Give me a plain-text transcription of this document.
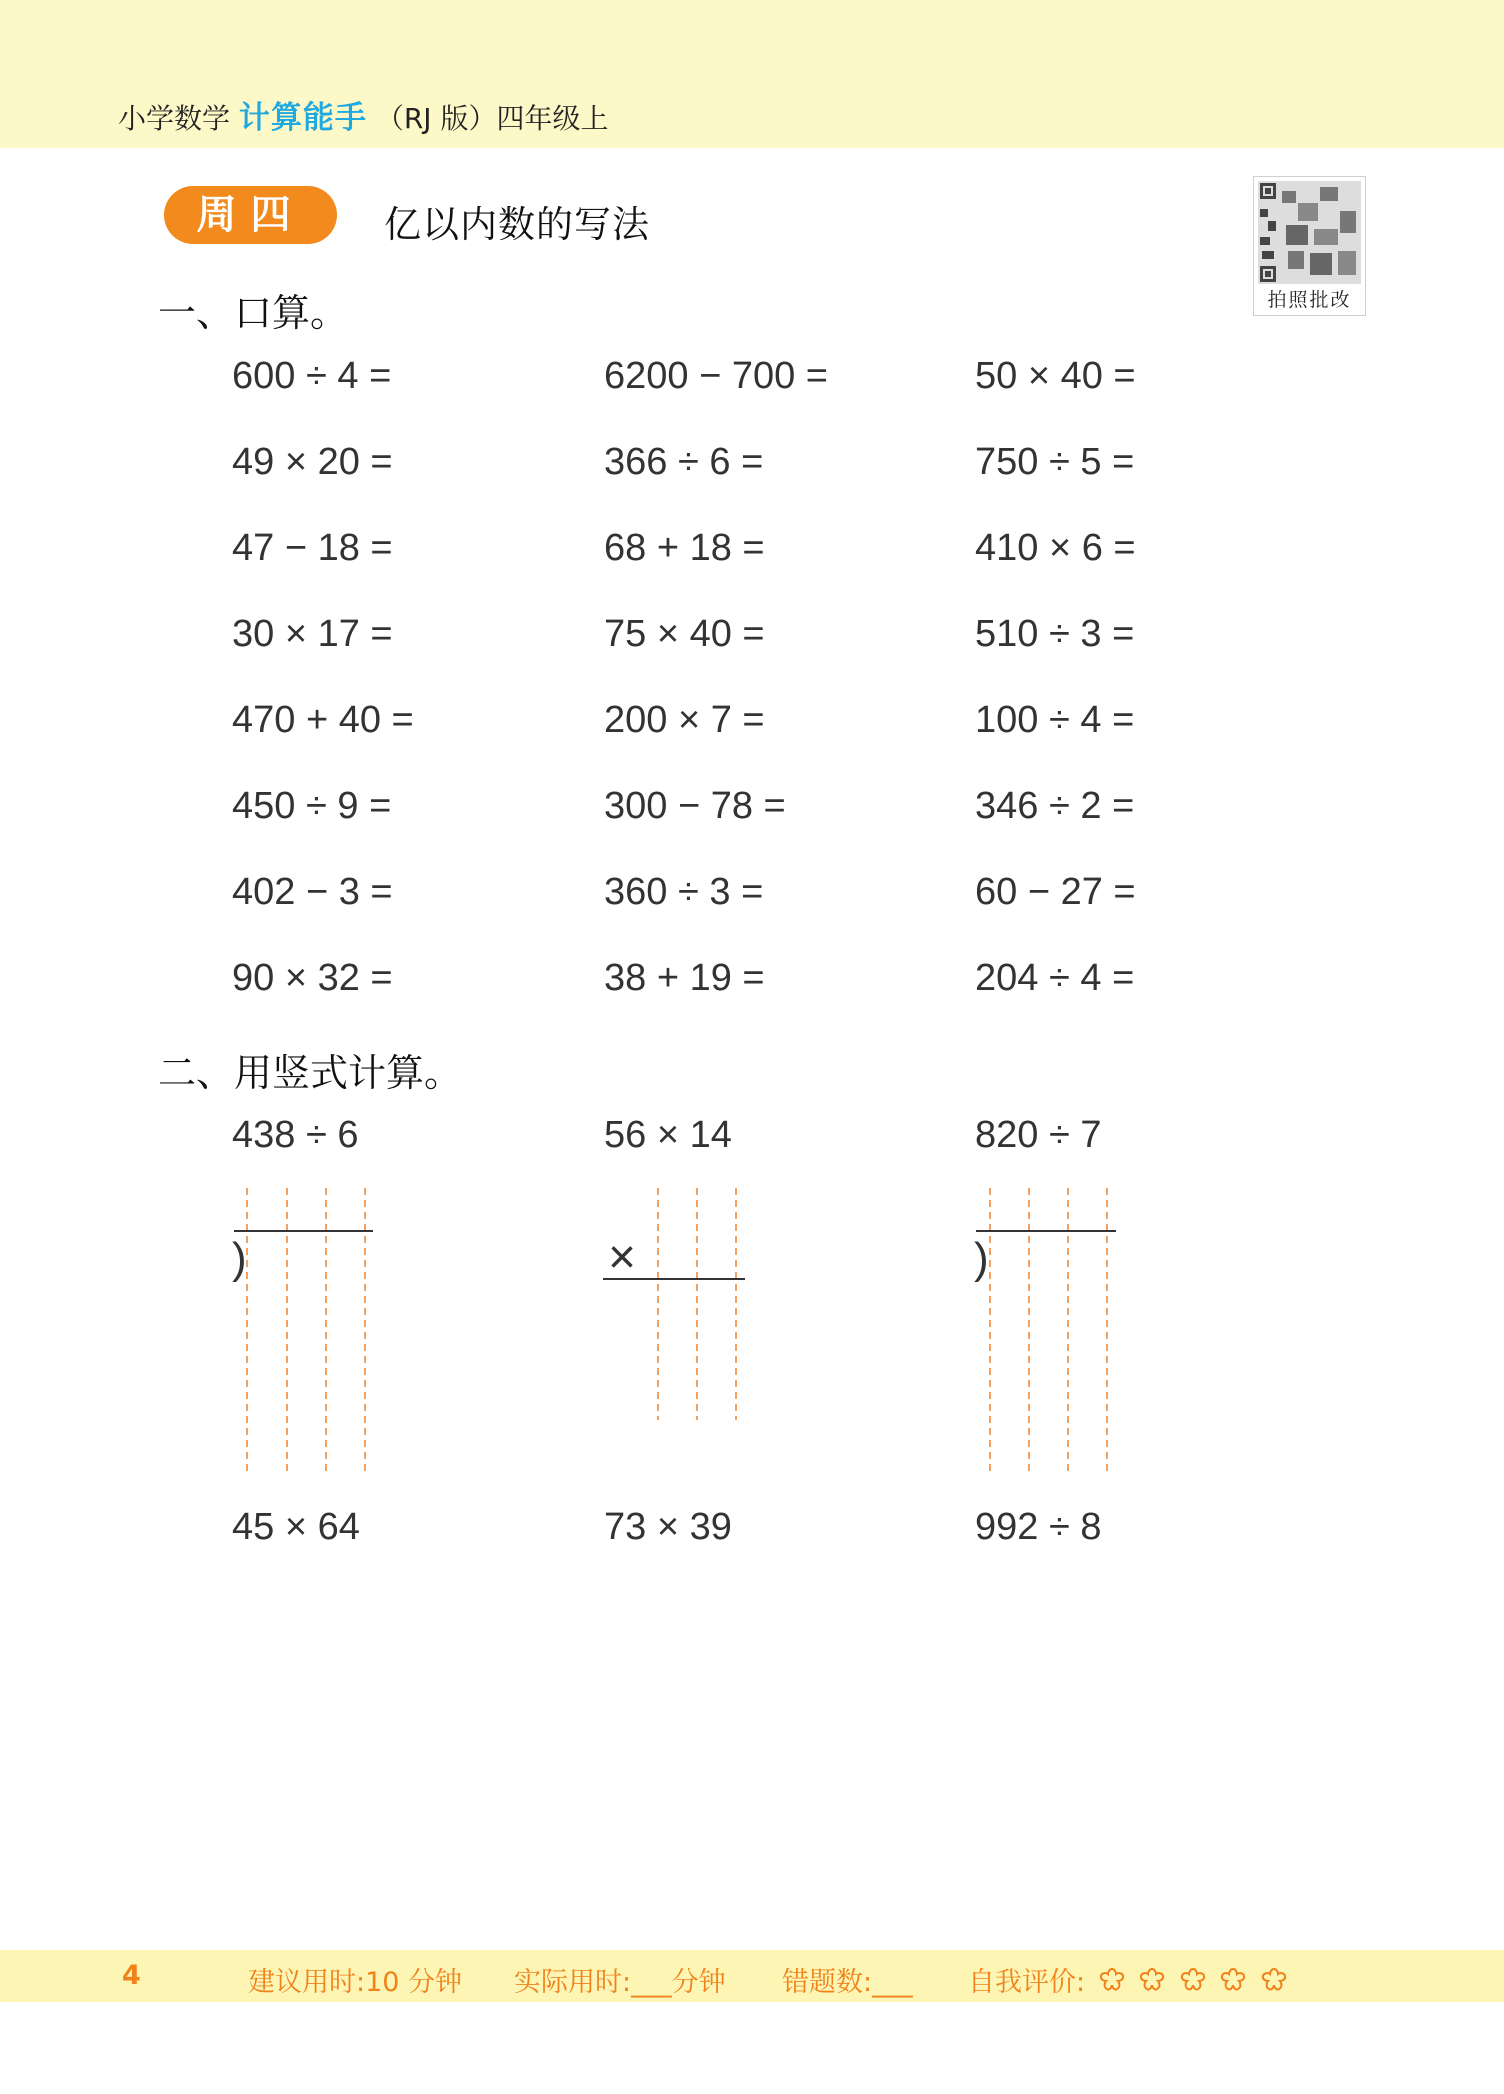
小学数学 计算能手 （RJ 版）四年级上
周四	亿以内数的写法
拍照批改
一、口算。
600 ÷ 4 =	6200 − 700 =	50 × 40 =
49 × 20 =	366 ÷ 6 =	750 ÷ 5 =
47 − 18 =	68 + 18 =	410 × 6 =
30 × 17 =	75 × 40 =	510 ÷ 3 =
470 + 40 =	200 × 7 =	100 ÷ 4 =
450 ÷ 9 =	300 − 78 =	346 ÷ 2 =
402 − 3 =	360 ÷ 3 =	60 − 27 =
90 × 32 =	38 + 19 =	204 ÷ 4 =
二、用竖式计算。
438 ÷ 6	56 × 14	820 ÷ 7
)	×	)
45 × 64	73 × 39	992 ÷ 8
4	建议用时:10 分钟 实际用时:___分钟 错题数:___ 自我评价:
